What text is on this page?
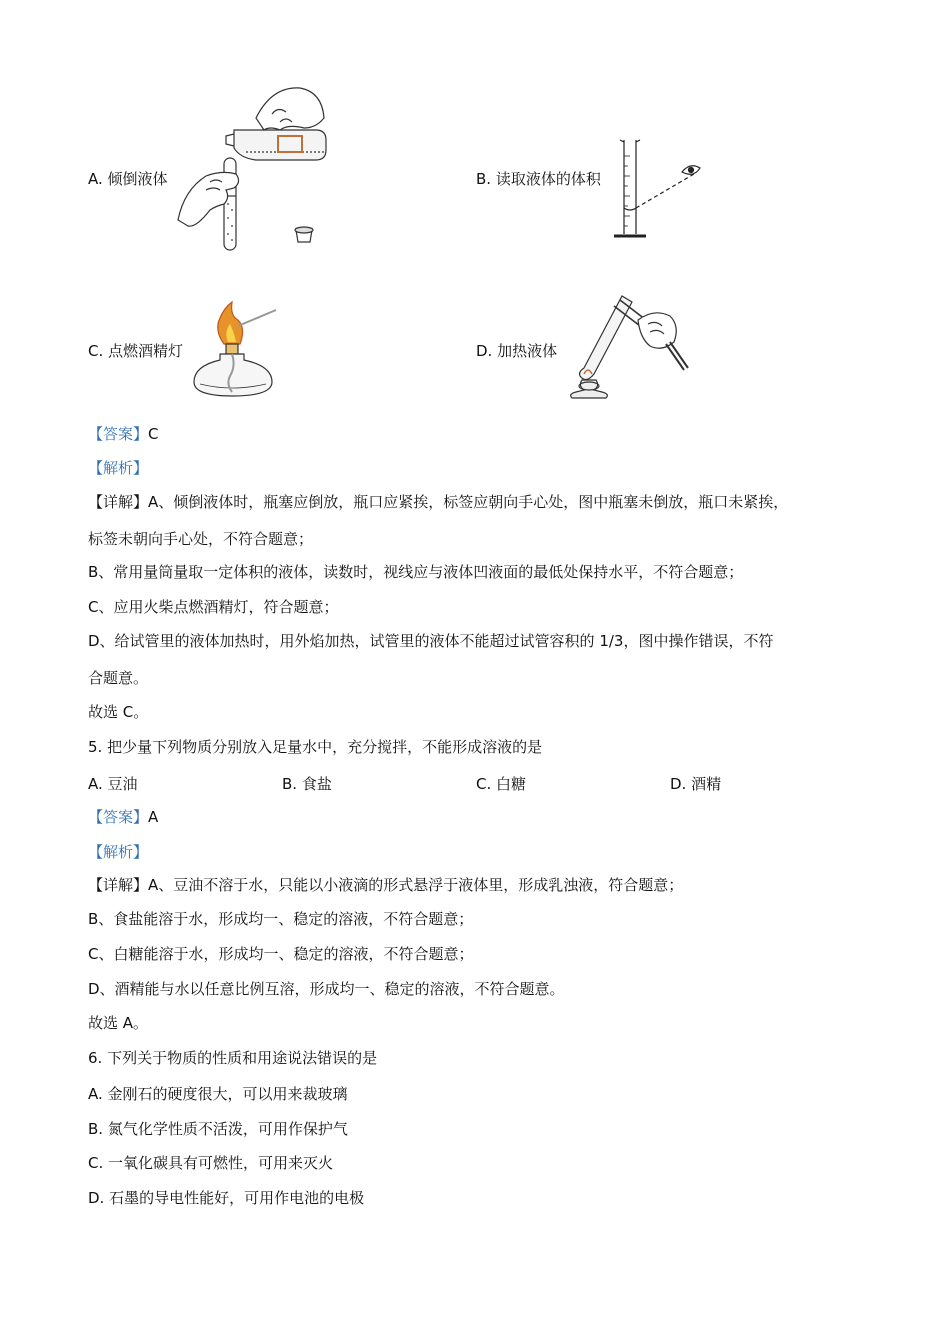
A. 倾倒液体	B. 读取液体的体积
C. 点燃酒精灯	D. 加热液体
【答案】C
【解析】
【详解】A、倾倒液体时，瓶塞应倒放，瓶口应紧挨，标签应朝向手心处，图中瓶塞未倒放，瓶口未紧挨，
标签未朝向手心处，不符合题意；
B、常用量筒量取一定体积的液体，读数时，视线应与液体凹液面的最低处保持水平，不符合题意；
C、应用火柴点燃酒精灯，符合题意；
D、给试管里的液体加热时，用外焰加热，试管里的液体不能超过试管容积的 1/3，图中操作错误，不符
合题意。
故选 C。
5. 把少量下列物质分别放入足量水中，充分搅拌，不能形成溶液的是
A. 豆油	B. 食盐	C. 白糖	D. 酒精
【答案】A
【解析】
【详解】A、豆油不溶于水，只能以小液滴的形式悬浮于液体里，形成乳浊液，符合题意；
B、食盐能溶于水，形成均一、稳定的溶液，不符合题意；
C、白糖能溶于水，形成均一、稳定的溶液，不符合题意；
D、酒精能与水以任意比例互溶，形成均一、稳定的溶液，不符合题意。
故选 A。
6. 下列关于物质的性质和用途说法错误的是
A. 金刚石的硬度很大，可以用来裁玻璃
B. 氮气化学性质不活泼，可用作保护气
C. 一氧化碳具有可燃性，可用来灭火
D. 石墨的导电性能好，可用作电池的电极
